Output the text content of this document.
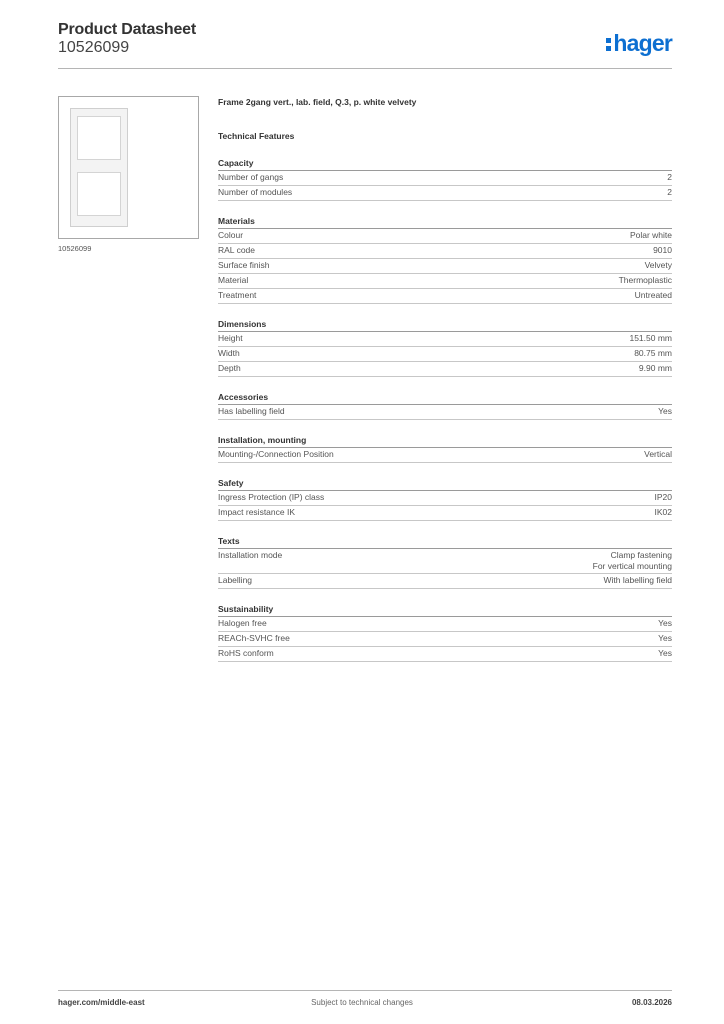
Product Datasheet
10526099	hager
10526099
Frame 2gang vert., lab. field, Q.3, p. white velvety
Technical Features
Capacity
Number of gangs	2
Number of modules	2
Materials
Colour	Polar white
RAL code	9010
Surface finish	Velvety
Material	Thermoplastic
Treatment	Untreated
Dimensions
Height	151.50 mm
Width	80.75 mm
Depth	9.90 mm
Accessories
Has labelling field	Yes
Installation, mounting
Mounting-/Connection Position	Vertical
Safety
Ingress Protection (IP) class	IP20
Impact resistance IK	IK02
Texts
Installation mode	Clamp fastening
For vertical mounting
Labelling	With labelling field
Sustainability
Halogen free	Yes
REACh-SVHC free	Yes
RoHS conform	Yes
hager.com/middle-east	Subject to technical changes	08.03.2026
